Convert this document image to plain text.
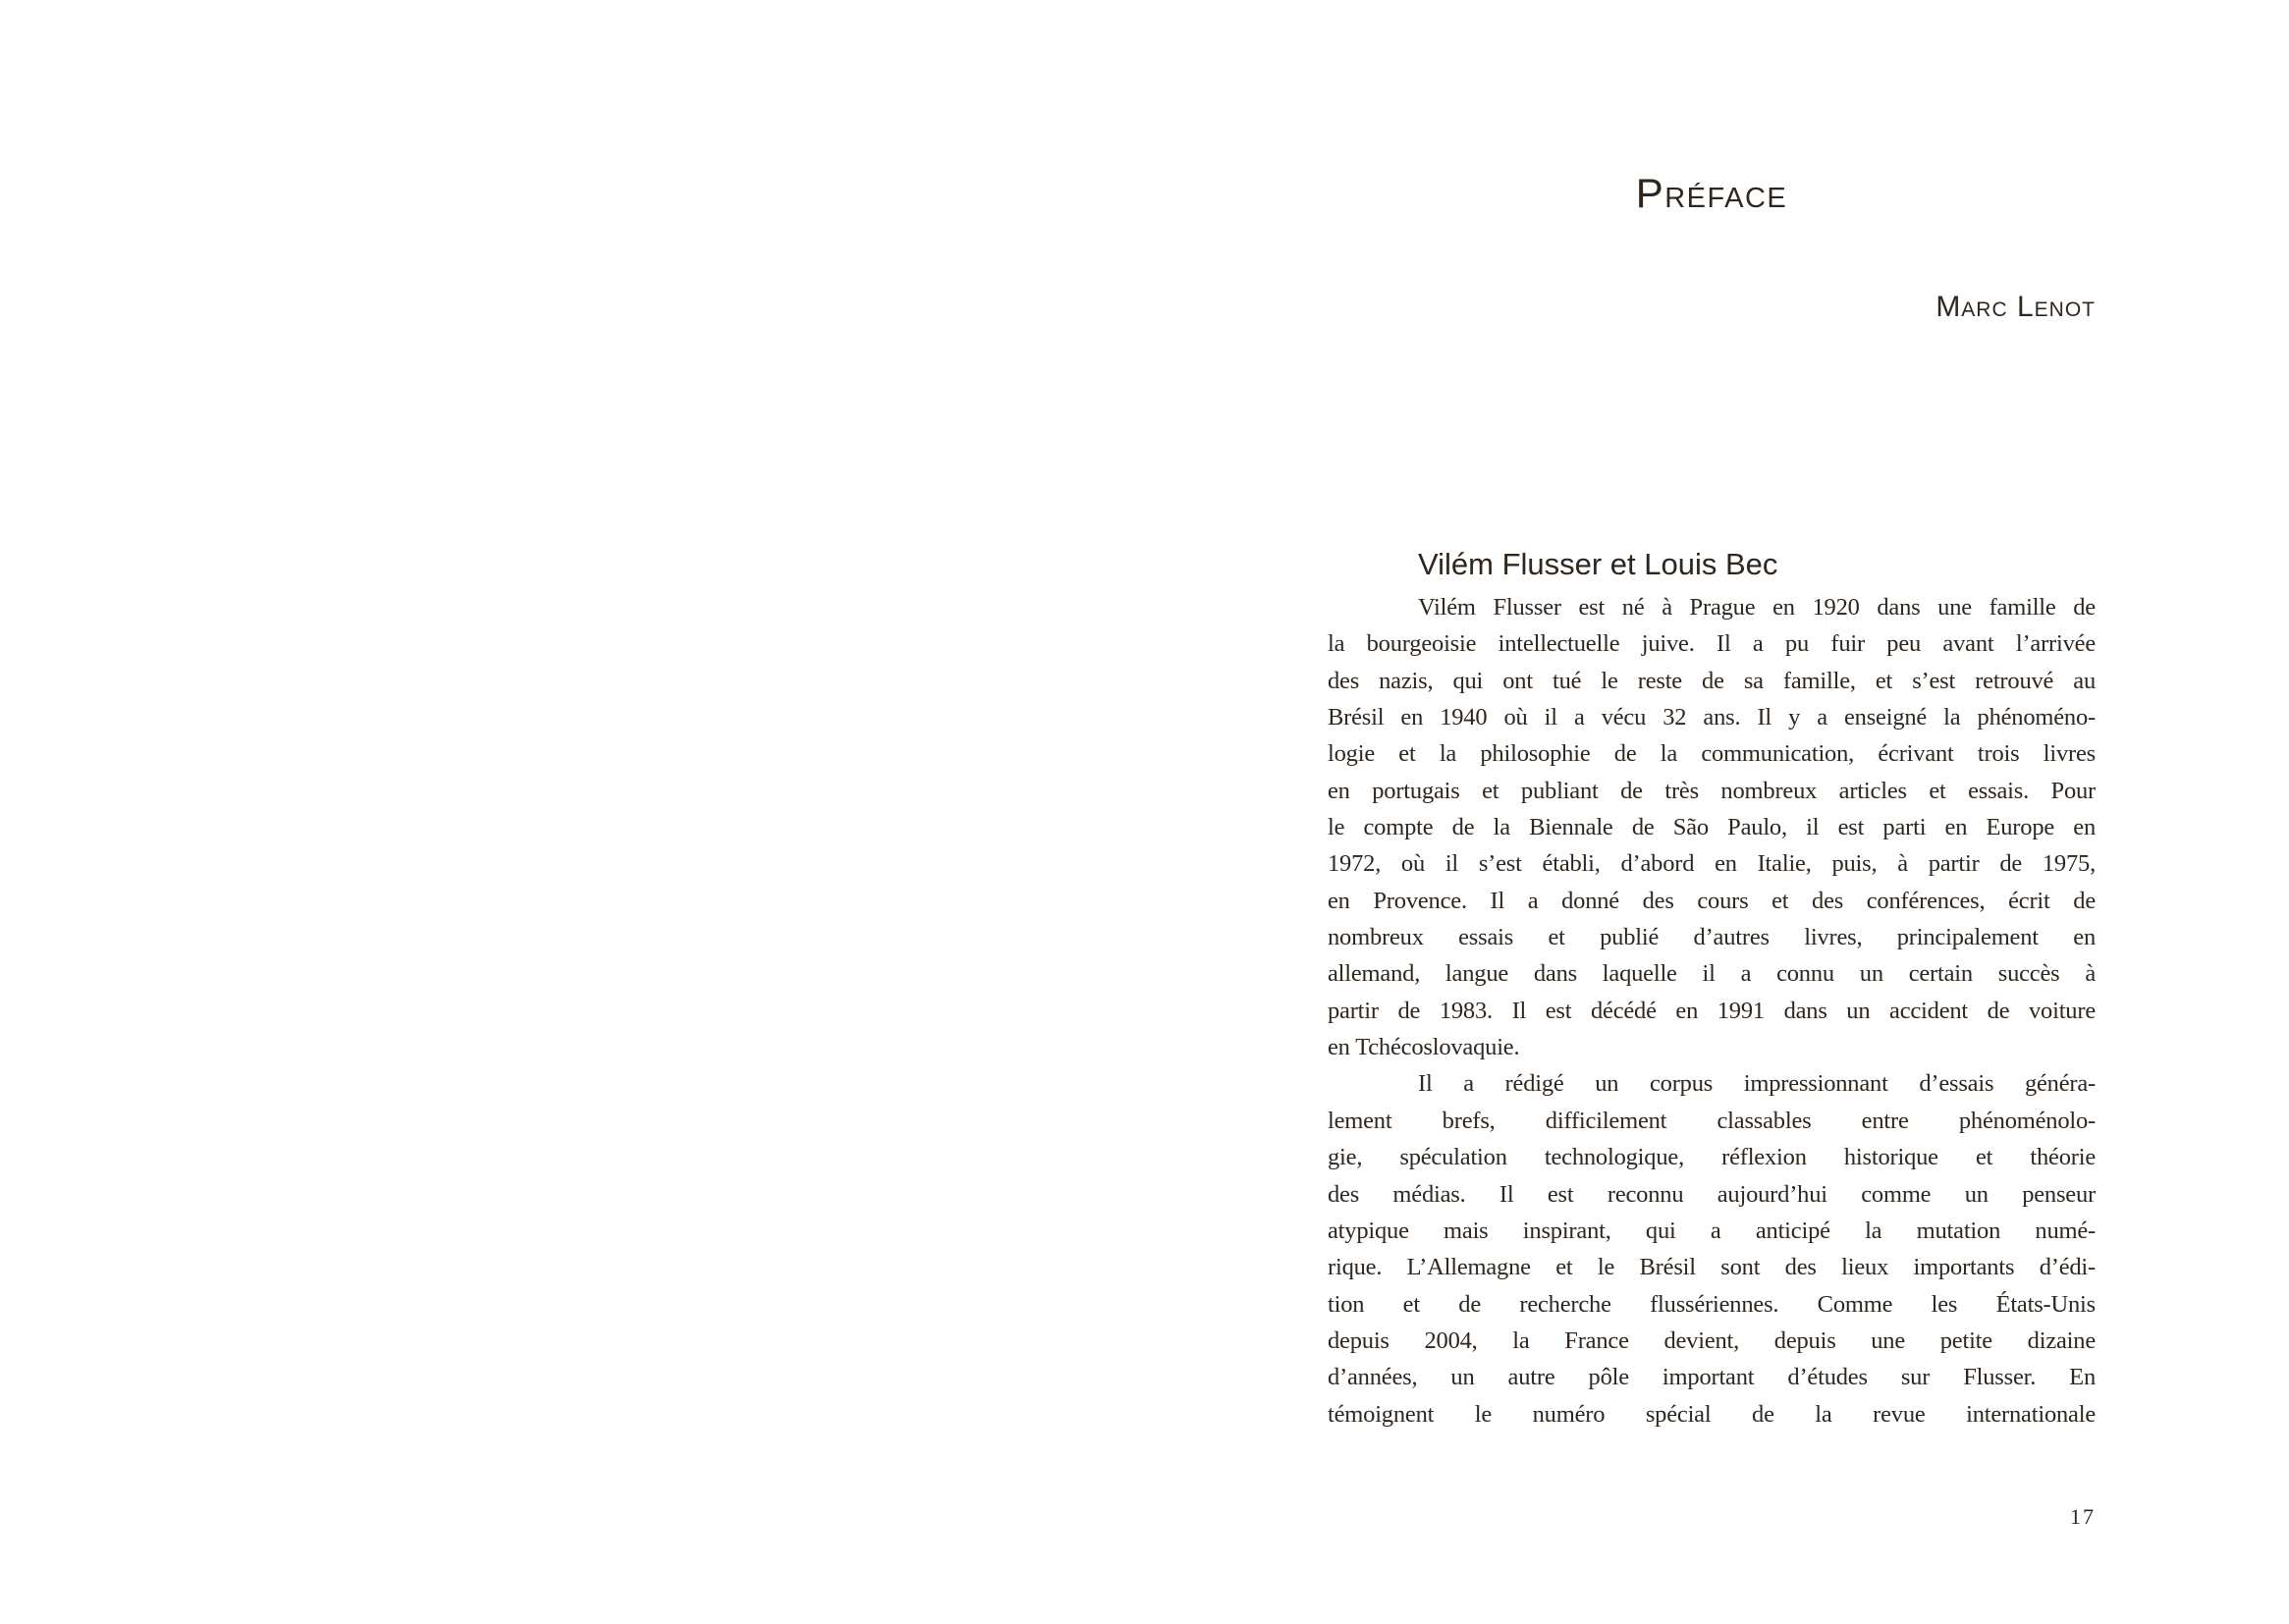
Préface
Marc Lenot
Vilém Flusser et Louis Bec
Vilém Flusser est né à Prague en 1920 dans une famille de
la bourgeoisie intellectuelle juive. Il a pu fuir peu avant l’arrivée
des nazis, qui ont tué le reste de sa famille, et s’est retrouvé au
Brésil en 1940 où il a vécu 32 ans. Il y a enseigné la phénoméno-
logie et la philosophie de la communication, écrivant trois livres
en portugais et publiant de très nombreux articles et essais. Pour
le compte de la Biennale de São Paulo, il est parti en Europe en
1972, où il s’est établi, d’abord en Italie, puis, à partir de 1975,
en Provence. Il a donné des cours et des conférences, écrit de
nombreux essais et publié d’autres livres, principalement en
allemand, langue dans laquelle il a connu un certain succès à
partir de 1983. Il est décédé en 1991 dans un accident de voiture
en Tchécoslovaquie.
Il a rédigé un corpus impressionnant d’essais généra-
lement brefs, difficilement classables entre phénoménolo-
gie, spéculation technologique, réflexion historique et théorie
des médias. Il est reconnu aujourd’hui comme un penseur
atypique mais inspirant, qui a anticipé la mutation numé-
rique. L’Allemagne et le Brésil sont des lieux importants d’édi-
tion et de recherche flussériennes. Comme les États-Unis
depuis 2004, la France devient, depuis une petite dizaine
d’années, un autre pôle important d’études sur Flusser. En
témoignent le numéro spécial de la revue internationale
17
